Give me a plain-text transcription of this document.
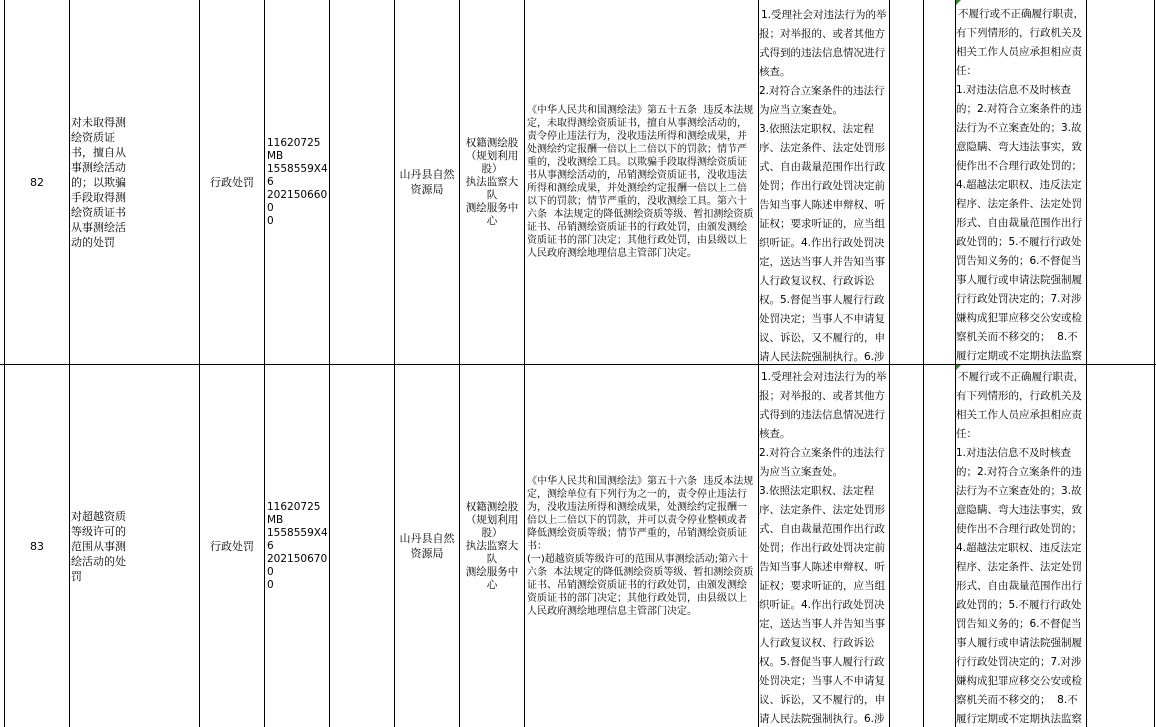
82
对未取得测
绘资质证
书，擅自从
事测绘活动
的；以欺骗
手段取得测
绘资质证书
从事测绘活
动的处罚
行政处罚
11620725MB
1558559X46
2021506600
0
山丹县自然
资源局
权籍测绘股
（规划利用
股）
执法监察大
队
测绘服务中
心
《中华人民共和国测绘法》第五十五条  违反本法规定，未取得测绘资质证书，擅自从事测绘活动的，责令停止违法行为，没收违法所得和测绘成果，并处测绘约定报酬一倍以上二倍以下的罚款；情节严重的，没收测绘工具。以欺骗手段取得测绘资质证书从事测绘活动的，吊销测绘资质证书，没收违法所得和测绘成果，并处测绘约定报酬一倍以上二倍以下的罚款；情节严重的，没收测绘工具。第六十六条  本法规定的降低测绘资质等级、暂扣测绘资质证书、吊销测绘资质证书的行政处罚，由颁发测绘资质证书的部门决定；其他行政处罚，由县级以上人民政府测绘地理信息主管部门决定。
1.受理社会对违法行为的举报；对举报的、或者其他方式得到的违法信息情况进行核查。
2.对符合立案条件的违法行为应当立案查处。
3.依照法定职权、法定程序、法定条件、法定处罚形式、自由裁量范围作出行政处罚；作出行政处罚决定前告知当事人陈述申辩权、听证权；要求听证的，应当组织听证。4.作出行政处罚决定，送达当事人并告知当事人行政复议权、行政诉讼权。5.督促当事人履行行政处罚决定；当事人不申请复议、诉讼，又不履行的，申请人民法院强制执行。6.涉
不履行或不正确履行职责，有下列情形的，行政机关及相关工作人员应承担相应责任：
1.对违法信息不及时核查的；2.对符合立案条件的违法行为不立案查处的；3.故意隐瞒、弯大违法事实，致使作出不合理行政处罚的；4.超越法定职权、违反法定程序、法定条件、法定处罚形式、自由裁量范围作出行政处罚的；5.不履行行政处罚告知义务的；6.不督促当事人履行或申请法院强制履行行政处罚决定的；7.对涉嫌构成犯罪应移交公安或检察机关而不移交的；  8.不履行定期或不定期执法监察
83
对超越资质
等级许可的
范围从事测
绘活动的处
罚
行政处罚
11620725MB
1558559X46
2021506700
0
山丹县自然
资源局
权籍测绘股
（规划利用
股）
执法监察大
队
测绘服务中
心
《中华人民共和国测绘法》第五十六条  违反本法规定，测绘单位有下列行为之一的，责令停止违法行为，没收违法所得和测绘成果，处测绘约定报酬一倍以上二倍以下的罚款，并可以责令停业整顿或者降低测绘资质等级；情节严重的，吊销测绘资质证书：
(一)超越资质等级许可的范围从事测绘活动;第六十六条  本法规定的降低测绘资质等级、暂扣测绘资质证书、吊销测绘资质证书的行政处罚，由颁发测绘资质证书的部门决定；其他行政处罚，由县级以上人民政府测绘地理信息主管部门决定。
1.受理社会对违法行为的举报；对举报的、或者其他方式得到的违法信息情况进行核查。
2.对符合立案条件的违法行为应当立案查处。
3.依照法定职权、法定程序、法定条件、法定处罚形式、自由裁量范围作出行政处罚；作出行政处罚决定前告知当事人陈述申辩权、听证权；要求听证的，应当组织听证。4.作出行政处罚决定，送达当事人并告知当事人行政复议权、行政诉讼权。5.督促当事人履行行政处罚决定；当事人不申请复议、诉讼，又不履行的，申请人民法院强制执行。6.涉
不履行或不正确履行职责，有下列情形的，行政机关及相关工作人员应承担相应责任：
1.对违法信息不及时核查的；2.对符合立案条件的违法行为不立案查处的；3.故意隐瞒、弯大违法事实，致使作出不合理行政处罚的；4.超越法定职权、违反法定程序、法定条件、法定处罚形式、自由裁量范围作出行政处罚的；5.不履行行政处罚告知义务的；6.不督促当事人履行或申请法院强制履行行政处罚决定的；7.对涉嫌构成犯罪应移交公安或检察机关而不移交的；  8.不履行定期或不定期执法监察
